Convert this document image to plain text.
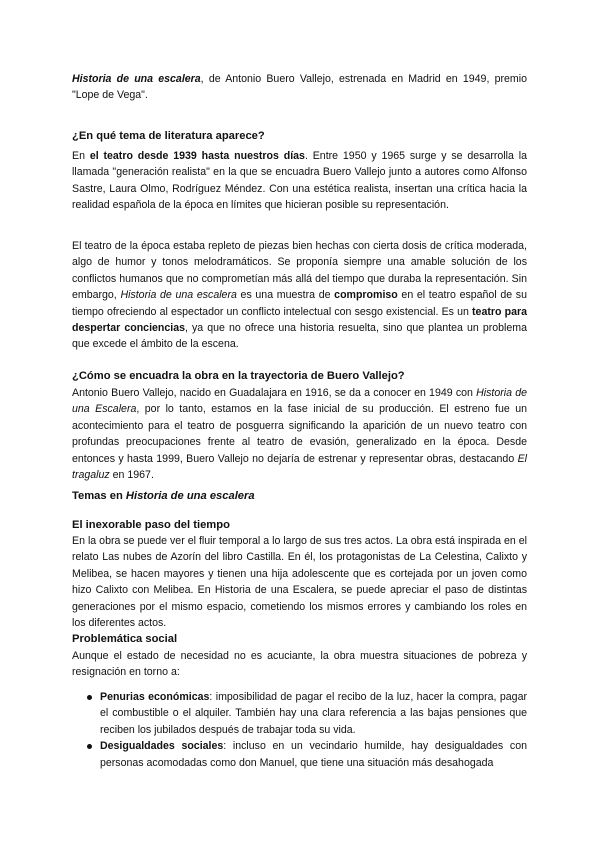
Historia de una escalera, de Antonio Buero Vallejo, estrenada en Madrid en 1949, premio "Lope de Vega".
¿En qué tema de literatura aparece?
En el teatro desde 1939 hasta nuestros días. Entre 1950 y 1965 surge y se desarrolla la llamada "generación realista" en la que se encuadra Buero Vallejo junto a autores como Alfonso Sastre, Laura Olmo, Rodríguez Méndez. Con una estética realista, insertan una crítica hacia la realidad española de la época en límites que hicieran posible su representación.
El teatro de la época estaba repleto de piezas bien hechas con cierta dosis de crítica moderada, algo de humor y tonos melodramáticos. Se proponía siempre una amable solución de los conflictos humanos que no comprometían más allá del tiempo que duraba la representación. Sin embargo, Historia de una escalera es una muestra de compromiso en el teatro español de su tiempo ofreciendo al espectador un conflicto intelectual con sesgo existencial. Es un teatro para despertar conciencias, ya que no ofrece una historia resuelta, sino que plantea un problema que excede el ámbito de la escena.
¿Cómo se encuadra la obra en la trayectoria de Buero Vallejo?
Antonio Buero Vallejo, nacido en Guadalajara en 1916, se da a conocer en 1949 con Historia de una Escalera, por lo tanto, estamos en la fase inicial de su producción. El estreno fue un acontecimiento para el teatro de posguerra significando la aparición de un nuevo teatro con profundas preocupaciones frente al teatro de evasión, generalizado en la época. Desde entonces y hasta 1999, Buero Vallejo no dejaría de estrenar y representar obras, destacando El tragaluz en 1967.
Temas en Historia de una escalera
El inexorable paso del tiempo
En la obra se puede ver el fluir temporal a lo largo de sus tres actos. La obra está inspirada en el relato Las nubes de Azorín del libro Castilla. En él, los protagonistas de La Celestina, Calixto y Melibea, se hacen mayores y tienen una hija adolescente que es cortejada por un joven como hizo Calixto con Melibea. En Historia de una Escalera, se puede apreciar el paso de distintas generaciones por el mismo espacio, cometiendo los mismos errores y cambiando los roles en los diferentes actos.
Problemática social
Aunque el estado de necesidad no es acuciante, la obra muestra situaciones de pobreza y resignación en torno a:
Penurias económicas: imposibilidad de pagar el recibo de la luz, hacer la compra, pagar el combustible o el alquiler. También hay una clara referencia a las bajas pensiones que reciben los jubilados después de trabajar toda su vida.
Desigualdades sociales: incluso en un vecindario humilde, hay desigualdades con personas acomodadas como don Manuel, que tiene una situación más desahogada
